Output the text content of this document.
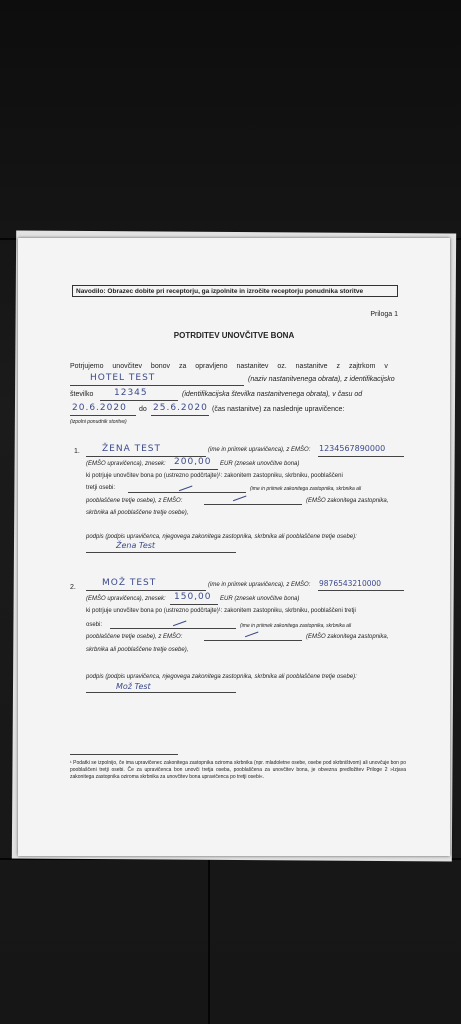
Navodilo: Obrazec dobite pri receptorju, ga izpolnite in izročite receptorju ponudnika storitve
Priloga 1
POTRDITEV UNOVČITVE BONA
Potrjujemo unovčitev bonov za opravljeno nastanitev oz. nastanitve z zajtrkom v
HOTEL TEST	(naziv nastanitvenega obrata), z identifikacijsko
številko 12345	(identifikacijska številka nastanitvenega obrata), v času od
20.6.2020 do 25.6.2020 (čas nastanitve) za naslednje upravičence:
(izpolni ponudnik storitve)
1. ŽENA TEST	(ime in priimek upravičenca), z EMŠO: 1234567890000
(EMŠO upravičenca), znesek: 200,00 EUR (znesek unovčitve bona)
ki potrjuje unovčitev bona po (ustrezno podčrtajte)¹: zakonitem zastopniku, skrbniku, pooblaščeni
tretji osebi:	(ime in priimek zakonitega zastopnika, skrbnika ali
pooblaščene tretje osebe), z EMŠO:	(EMŠO zakonitega zastopnika,
skrbnika ali pooblaščene tretje osebe),
podpis (podpis upravičenca, njegovega zakonitega zastopnika, skrbnika ali pooblaščene tretje osebe):
Žena Test
2.	MOŽ TEST	(ime in priimek upravičenca), z EMŠO: 9876543210000
(EMŠO upravičenca), znesek: 150,00 EUR (znesek unovčitve bona)
ki potrjuje unovčitev bona po (ustrezno podčrtajte)¹: zakonitem zastopniku, skrbniku, pooblaščeni tretji
osebi:	(ime in priimek zakonitega zastopnika, skrbnika ali
pooblaščene tretje osebe), z EMŠO:	(EMŠO zakonitega zastopnika,
skrbnika ali pooblaščene tretje osebe),
podpis (podpis upravičenca, njegovega zakonitega zastopnika, skrbnika ali pooblaščene tretje osebe):
Mož Test
¹ Podatki se izpolnijo, če ima upravičenec zakonitega zastopnika oziroma skrbnika (npr. mladoletne osebe, osebe pod skrbništvom) ali unovčuje bon po pooblaščeni tretji osebi. Če za upravičenca bon unovči tretja oseba, pooblaščena za unovčitev bona, je obvezna predložitev Priloge 2 »Izjava zakonitega zastopnika oziroma skrbnika za unovčitev bona upravičenca po tretji osebi«.
